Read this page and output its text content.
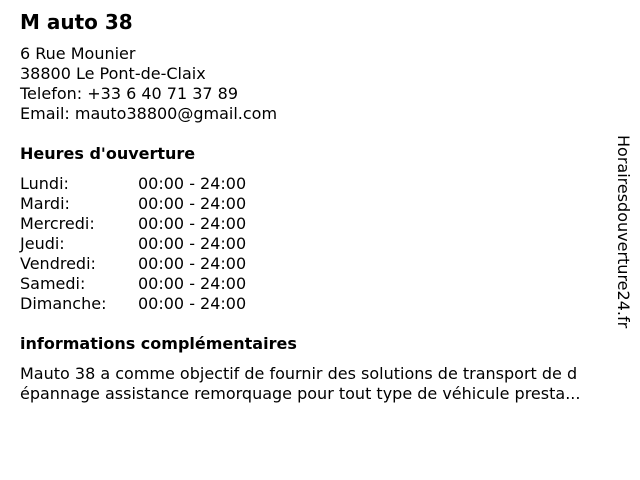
M auto 38
6 Rue Mounier
38800 Le Pont-de-Claix
Telefon: +33 6 40 71 37 89
Email: mauto38800@gmail.com
Heures d'ouverture
Lundi:	00:00 - 24:00
Mardi:	00:00 - 24:00
Mercredi:	00:00 - 24:00
Jeudi:	00:00 - 24:00
Vendredi:	00:00 - 24:00
Samedi:	00:00 - 24:00
Dimanche: 00:00 - 24:00
informations complémentaires
Mauto 38 a comme objectif de fournir des solutions de transport de d
épannage assistance remorquage pour tout type de véhicule presta...
Horairesdouverture24.fr
